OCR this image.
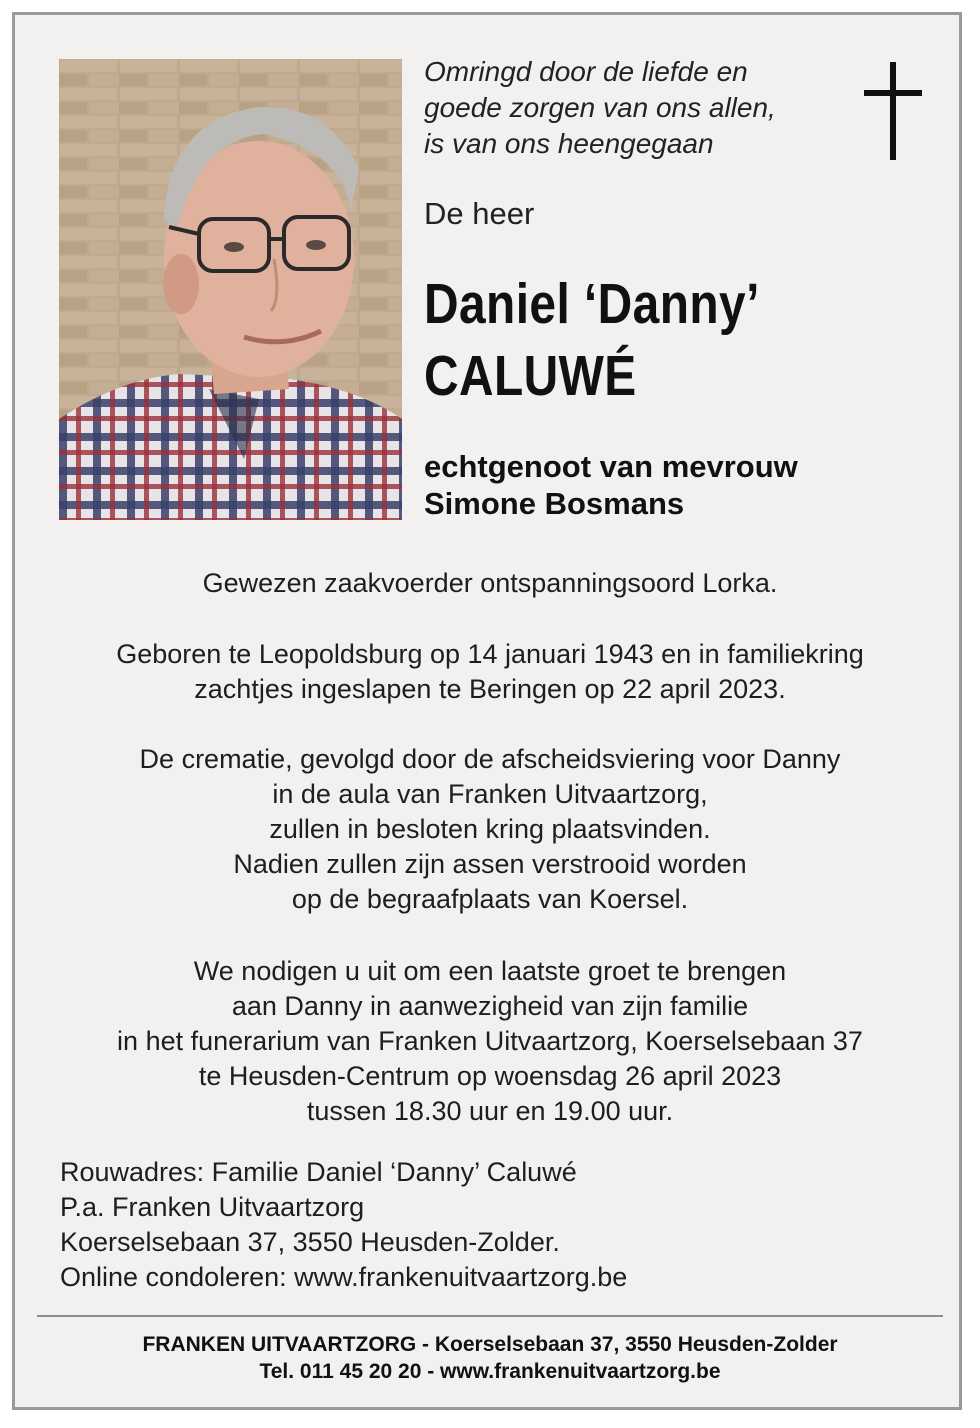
Omringd door de liefde en
goede zorgen van ons allen,
is van ons heengegaan
De heer
Daniel ‘Danny’
CALUWÉ
echtgenoot van mevrouw
Simone Bosmans
Gewezen zaakvoerder ontspanningsoord Lorka.
Geboren te Leopoldsburg op 14 januari 1943 en in familiekring
zachtjes ingeslapen te Beringen op 22 april 2023.
De crematie, gevolgd door de afscheidsviering voor Danny
in de aula van Franken Uitvaartzorg,
zullen in besloten kring plaatsvinden.
Nadien zullen zijn assen verstrooid worden
op de begraafplaats van Koersel.
We nodigen u uit om een laatste groet te brengen
aan Danny in aanwezigheid van zijn familie
in het funerarium van Franken Uitvaartzorg, Koerselsebaan 37
te Heusden-Centrum op woensdag 26 april 2023
tussen 18.30 uur en 19.00 uur.
Rouwadres: Familie Daniel ‘Danny’ Caluwé
P.a. Franken Uitvaartzorg
Koerselsebaan 37, 3550 Heusden-Zolder.
Online condoleren: www.frankenuitvaartzorg.be
FRANKEN UITVAARTZORG - Koerselsebaan 37, 3550 Heusden-Zolder
Tel. 011 45 20 20 - www.frankenuitvaartzorg.be
